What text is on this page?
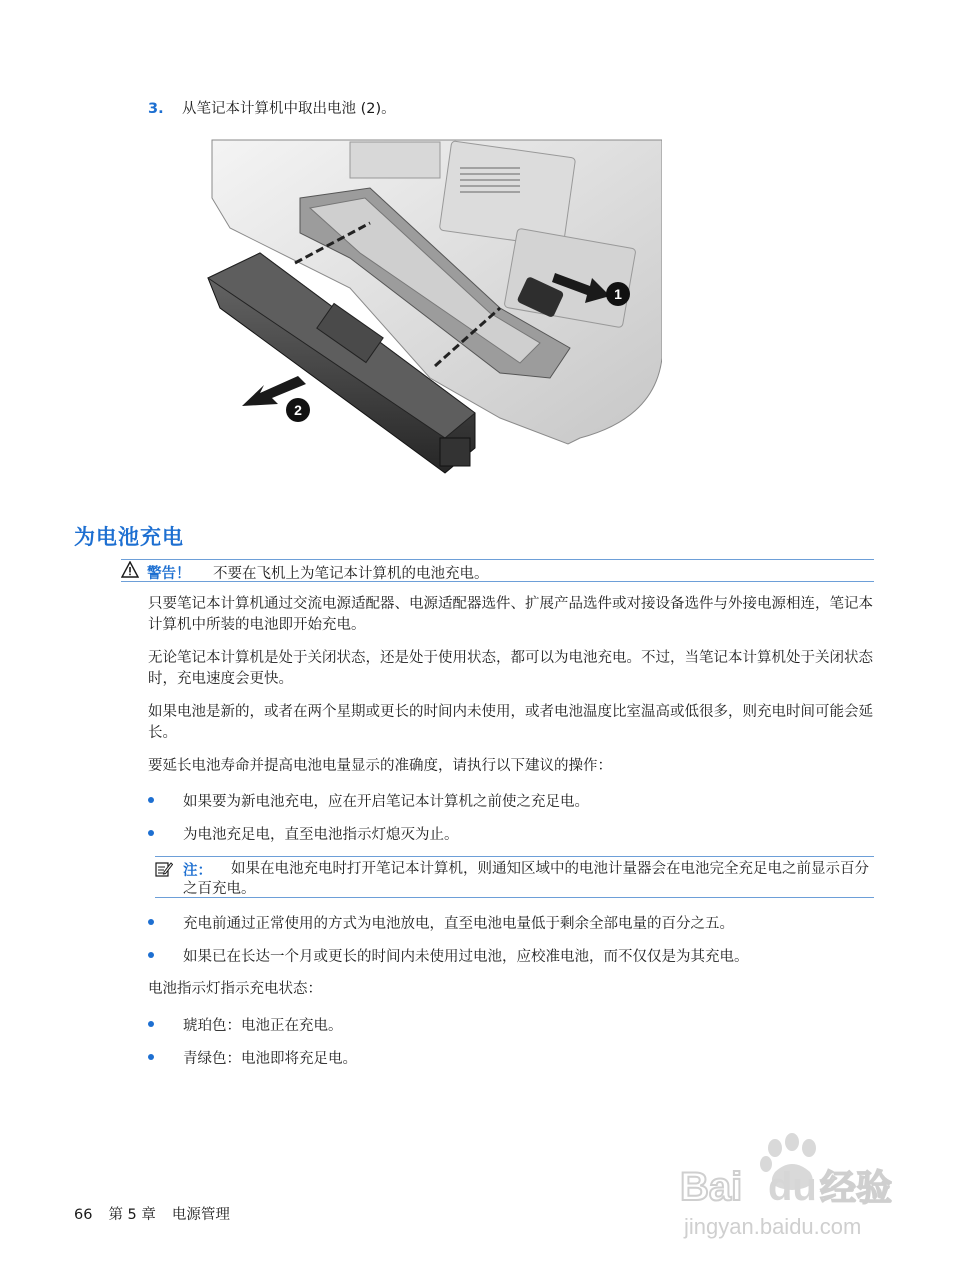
3. 从笔记本计算机中取出电池 (2)。
1
2
为电池充电
警告！ 不要在飞机上为笔记本计算机的电池充电。
只要笔记本计算机通过交流电源适配器、电源适配器选件、扩展产品选件或对接设备选件与外接电源相连，笔记本计算机中所装的电池即开始充电。
无论笔记本计算机是处于关闭状态，还是处于使用状态，都可以为电池充电。不过，当笔记本计算机处于关闭状态时，充电速度会更快。
如果电池是新的，或者在两个星期或更长的时间内未使用，或者电池温度比室温高或低很多，则充电时间可能会延长。
要延长电池寿命并提高电池电量显示的准确度，请执行以下建议的操作：
如果要为新电池充电，应在开启笔记本计算机之前使之充足电。
为电池充足电，直至电池指示灯熄灭为止。
注：	如果在电池充电时打开笔记本计算机，则通知区域中的电池计量器会在电池完全充足电之前显示百分之百充电。
充电前通过正常使用的方式为电池放电，直至电池电量低于剩余全部电量的百分之五。
如果已在长达一个月或更长的时间内未使用过电池，应校准电池，而不仅仅是为其充电。
电池指示灯指示充电状态：
琥珀色：电池正在充电。
青绿色：电池即将充足电。
Bai du 经验
jingyan.baidu.com
66 第 5 章 电源管理
